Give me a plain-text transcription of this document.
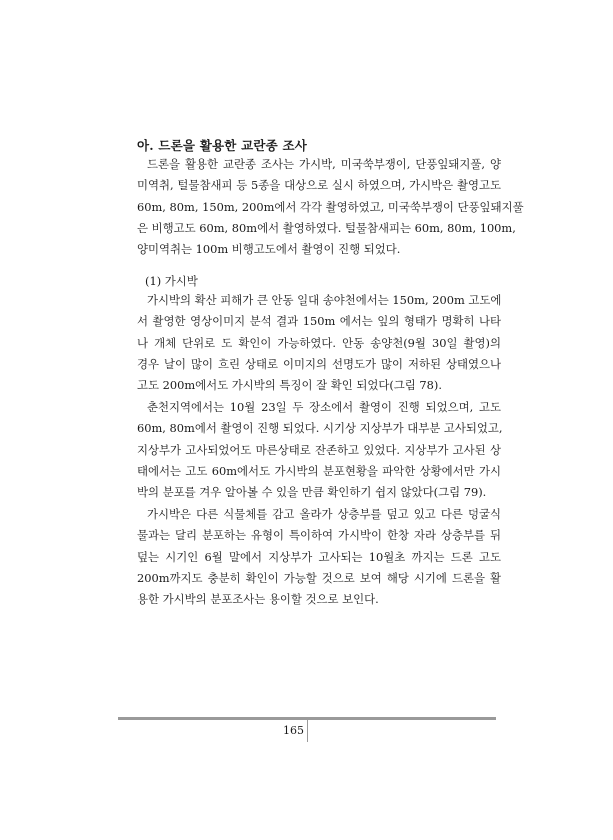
아. 드론을 활용한 교란종 조사

드론을 활용한 교란종 조사는 가시박, 미국쑥부쟁이, 단풍잎돼지풀, 양
미역취, 털물참새피 등 5종을 대상으로 실시 하였으며, 가시박은 촬영고도
60m, 80m, 150m, 200m에서 각각 촬영하였고, 미국쑥부쟁이 단풍잎돼지풀
은 비행고도 60m, 80m에서 촬영하였다. 털물참새피는 60m, 80m, 100m,
양미역취는 100m 비행고도에서 촬영이 진행 되었다.

(1) 가시박

가시박의 확산 피해가 큰 안동 일대 송야천에서는 150m, 200m 고도에
서 촬영한 영상이미지 분석 결과 150m 에서는 잎의 형태가 명확히 나타
나 개체 단위로 도 확인이 가능하였다. 안동 송양천(9월 30일 촬영)의
경우 날이 많이 흐린 상태로 이미지의 선명도가 많이 저하된 상태였으나
고도 200m에서도 가시박의 특징이 잘 확인 되었다(그림 78).

춘천지역에서는 10월 23일 두 장소에서 촬영이 진행 되었으며, 고도
60m, 80m에서 촬영이 진행 되었다. 시기상 지상부가 대부분 고사되었고,
지상부가 고사되었어도 마른상태로 잔존하고 있었다. 지상부가 고사된 상
태에서는 고도 60m에서도 가시박의 분포현황을 파악한 상황에서만 가시
박의 분포를 겨우 알아볼 수 있을 만큼 확인하기 쉽지 않았다(그림 79).

가시박은 다른 식물체를 감고 올라가 상층부를 덮고 있고 다른 덩굴식
물과는 달리 분포하는 유형이 특이하여 가시박이 한창 자라 상층부를 뒤
덮는 시기인 6월 말에서 지상부가 고사되는 10월초 까지는 드론 고도
200m까지도 충분히 확인이 가능할 것으로 보여 해당 시기에 드론을 활
용한 가시박의 분포조사는 용이할 것으로 보인다.

165
